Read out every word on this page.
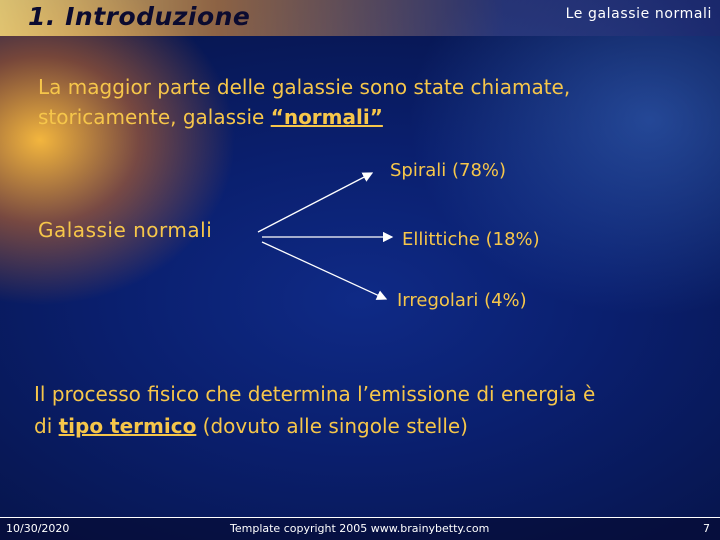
1. Introduzione	Le galassie normali

La maggior parte delle galassie sono state chiamate,
storicamente, galassie “normali”

Galassie normali
Spirali (78%)
Ellittiche (18%)
Irregolari (4%)

Il processo fisico che determina l’emissione di energia è
di tipo termico (dovuto alle singole stelle)

10/30/2020	Template copyright 2005 www.brainybetty.com	7
